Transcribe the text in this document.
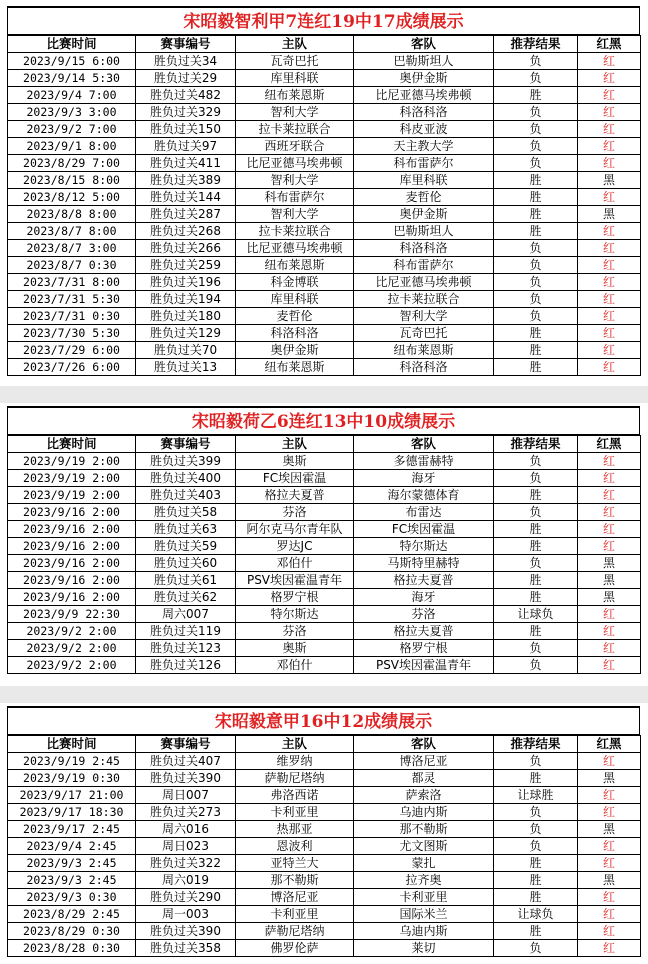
宋昭毅智利甲7连红19中17成绩展示
比赛时间	赛事编号	主队	客队	推荐结果	红黑
2023/9/15 6:00	胜负过关34	瓦奇巴托	巴勒斯坦人	负	红
2023/9/14 5:30	胜负过关29	库里科联	奥伊金斯	负	红
2023/9/4 7:00	胜负过关482	纽布莱恩斯	比尼亚德马埃弗顿	胜	红
2023/9/3 3:00	胜负过关329	智利大学	科洛科洛	负	红
2023/9/2 7:00	胜负过关150	拉卡莱拉联合	科皮亚波	负	红
2023/9/1 8:00	胜负过关97	西班牙联合	天主教大学	负	红
2023/8/29 7:00	胜负过关411	比尼亚德马埃弗顿	科布雷萨尔	负	红
2023/8/15 8:00	胜负过关389	智利大学	库里科联	胜	黑
2023/8/12 5:00	胜负过关144	科布雷萨尔	麦哲伦	胜	红
2023/8/8 8:00	胜负过关287	智利大学	奥伊金斯	胜	黑
2023/8/7 8:00	胜负过关268	拉卡莱拉联合	巴勒斯坦人	胜	红
2023/8/7 3:00	胜负过关266	比尼亚德马埃弗顿	科洛科洛	负	红
2023/8/7 0:30	胜负过关259	纽布莱恩斯	科布雷萨尔	负	红
2023/7/31 8:00	胜负过关196	科金博联	比尼亚德马埃弗顿	负	红
2023/7/31 5:30	胜负过关194	库里科联	拉卡莱拉联合	负	红
2023/7/31 0:30	胜负过关180	麦哲伦	智利大学	负	红
2023/7/30 5:30	胜负过关129	科洛科洛	瓦奇巴托	胜	红
2023/7/29 6:00	胜负过关70	奥伊金斯	纽布莱恩斯	胜	红
2023/7/26 6:00	胜负过关13	纽布莱恩斯	科洛科洛	胜	红
宋昭毅荷乙6连红13中10成绩展示
比赛时间	赛事编号	主队	客队	推荐结果	红黑
2023/9/19 2:00	胜负过关399	奥斯	多德雷赫特	负	红
2023/9/19 2:00	胜负过关400	FC埃因霍温	海牙	负	红
2023/9/19 2:00	胜负过关403	格拉夫夏普	海尔蒙德体育	胜	红
2023/9/16 2:00	胜负过关58	芬洛	布雷达	负	红
2023/9/16 2:00	胜负过关63	阿尔克马尔青年队	FC埃因霍温	胜	红
2023/9/16 2:00	胜负过关59	罗达JC	特尔斯达	胜	红
2023/9/16 2:00	胜负过关60	邓伯什	马斯特里赫特	负	黑
2023/9/16 2:00	胜负过关61	PSV埃因霍温青年	格拉夫夏普	胜	黑
2023/9/16 2:00	胜负过关62	格罗宁根	海牙	胜	黑
2023/9/9 22:30	周六007	特尔斯达	芬洛	让球负	红
2023/9/2 2:00	胜负过关119	芬洛	格拉夫夏普	胜	红
2023/9/2 2:00	胜负过关123	奥斯	格罗宁根	负	红
2023/9/2 2:00	胜负过关126	邓伯什	PSV埃因霍温青年	负	红
宋昭毅意甲16中12成绩展示
比赛时间	赛事编号	主队	客队	推荐结果	红黑
2023/9/19 2:45	胜负过关407	维罗纳	博洛尼亚	负	红
2023/9/19 0:30	胜负过关390	萨勒尼塔纳	都灵	胜	黑
2023/9/17 21:00	周日007	弗洛西诺	萨索洛	让球胜	红
2023/9/17 18:30	胜负过关273	卡利亚里	乌迪内斯	负	红
2023/9/17 2:45	周六016	热那亚	那不勒斯	负	黑
2023/9/4 2:45	周日023	恩波利	尤文图斯	负	红
2023/9/3 2:45	胜负过关322	亚特兰大	蒙扎	胜	红
2023/9/3 2:45	周六019	那不勒斯	拉齐奥	胜	黑
2023/9/3 0:30	胜负过关290	博洛尼亚	卡利亚里	胜	红
2023/8/29 2:45	周一003	卡利亚里	国际米兰	让球负	红
2023/8/29 0:30	胜负过关390	萨勒尼塔纳	乌迪内斯	胜	红
2023/8/28 0:30	胜负过关358	佛罗伦萨	莱切	负	红
